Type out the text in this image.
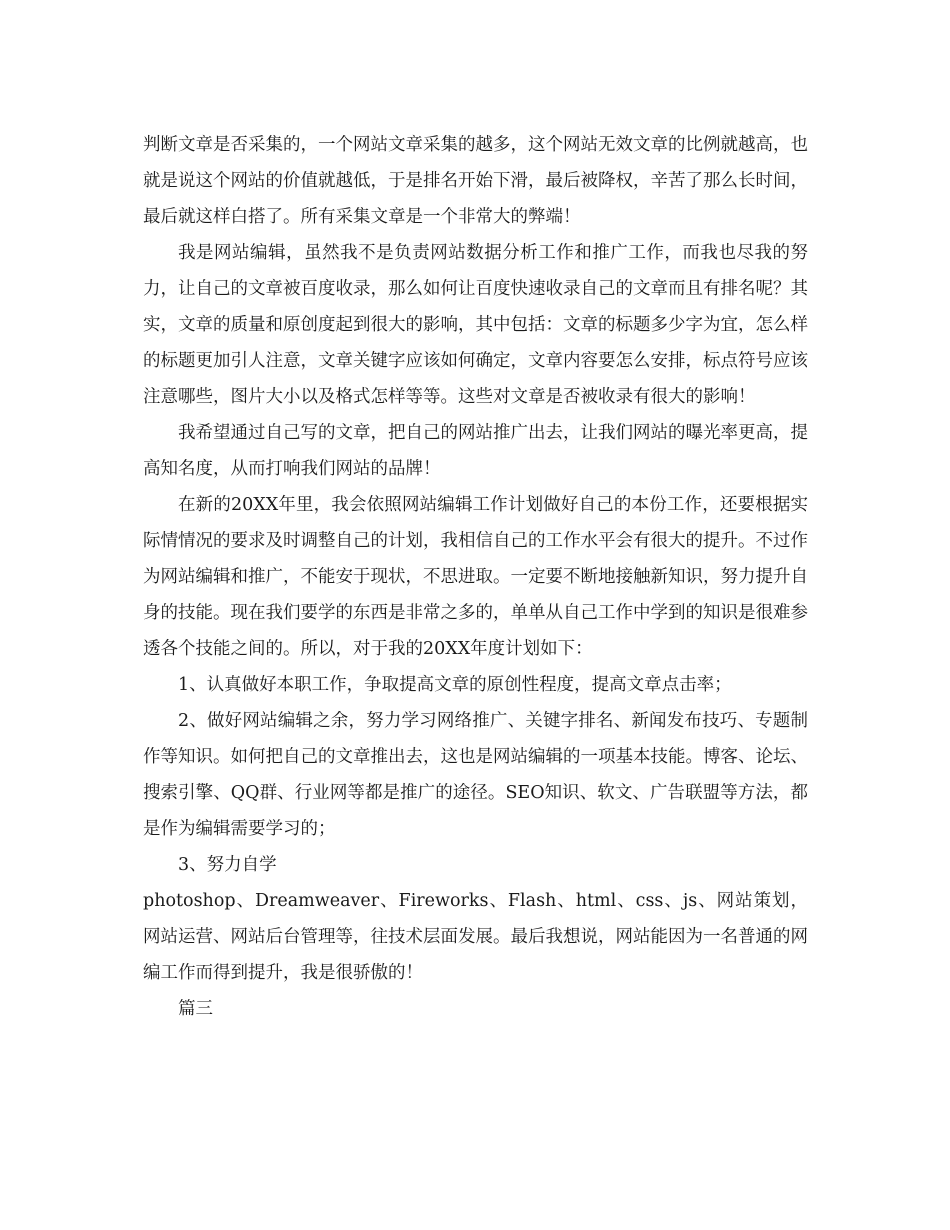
判断文章是否采集的，一个网站文章采集的越多，这个网站无效文章的比例就越高，也就是说这个网站的价值就越低，于是排名开始下滑，最后被降权，辛苦了那么长时间，最后就这样白搭了。所有采集文章是一个非常大的弊端！

我是网站编辑，虽然我不是负责网站数据分析工作和推广工作，而我也尽我的努力，让自己的文章被百度收录，那么如何让百度快速收录自己的文章而且有排名呢？其实，文章的质量和原创度起到很大的影响，其中包括：文章的标题多少字为宜，怎么样的标题更加引人注意，文章关键字应该如何确定，文章内容要怎么安排，标点符号应该注意哪些，图片大小以及格式怎样等等。这些对文章是否被收录有很大的影响！

我希望通过自己写的文章，把自己的网站推广出去，让我们网站的曝光率更高，提高知名度，从而打响我们网站的品牌！

在新的20XX年里，我会依照网站编辑工作计划做好自己的本份工作，还要根据实际情情况的要求及时调整自己的计划，我相信自己的工作水平会有很大的提升。不过作为网站编辑和推广，不能安于现状，不思进取。一定要不断地接触新知识，努力提升自身的技能。现在我们要学的东西是非常之多的，单单从自己工作中学到的知识是很难参透各个技能之间的。所以，对于我的20XX年度计划如下：

1、认真做好本职工作，争取提高文章的原创性程度，提高文章点击率；

2、做好网站编辑之余，努力学习网络推广、关键字排名、新闻发布技巧、专题制作等知识。如何把自己的文章推出去，这也是网站编辑的一项基本技能。博客、论坛、搜索引擎、QQ群、行业网等都是推广的途径。SEO知识、软文、广告联盟等方法，都是作为编辑需要学习的；

3、努力自学

photoshop、Dreamweaver、Fireworks、Flash、html、css、js、网站策划，网站运营、网站后台管理等，往技术层面发展。最后我想说，网站能因为一名普通的网编工作而得到提升，我是很骄傲的！

篇三
